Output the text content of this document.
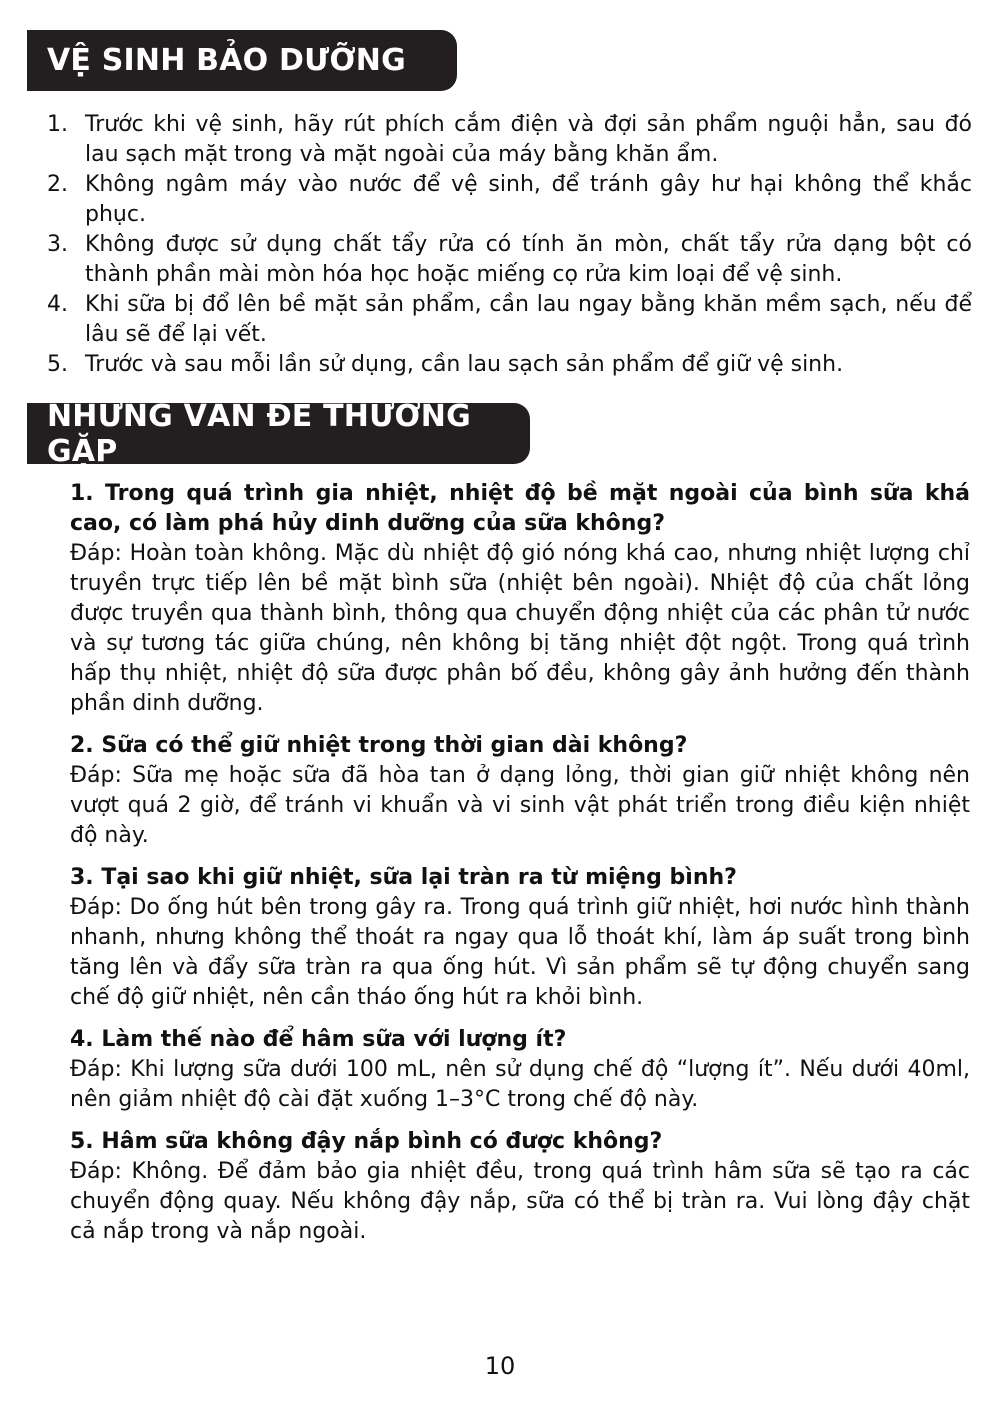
VỆ SINH BẢO DƯỠNG
1. Trước khi vệ sinh, hãy rút phích cắm điện và đợi sản phẩm nguội hẳn, sau đó lau sạch mặt trong và mặt ngoài của máy bằng khăn ẩm.
2. Không ngâm máy vào nước để vệ sinh, để tránh gây hư hại không thể khắc phục.
3. Không được sử dụng chất tẩy rửa có tính ăn mòn, chất tẩy rửa dạng bột có thành phần mài mòn hóa học hoặc miếng cọ rửa kim loại để vệ sinh.
4. Khi sữa bị đổ lên bề mặt sản phẩm, cần lau ngay bằng khăn mềm sạch, nếu để lâu sẽ để lại vết.
5. Trước và sau mỗi lần sử dụng, cần lau sạch sản phẩm để giữ vệ sinh.
NHỮNG VẤN ĐỀ THƯỜNG GẶP
1. Trong quá trình gia nhiệt, nhiệt độ bề mặt ngoài của bình sữa khá cao, có làm phá hủy dinh dưỡng của sữa không?
Đáp: Hoàn toàn không. Mặc dù nhiệt độ gió nóng khá cao, nhưng nhiệt lượng chỉ truyền trực tiếp lên bề mặt bình sữa (nhiệt bên ngoài). Nhiệt độ của chất lỏng được truyền qua thành bình, thông qua chuyển động nhiệt của các phân tử nước và sự tương tác giữa chúng, nên không bị tăng nhiệt đột ngột. Trong quá trình hấp thụ nhiệt, nhiệt độ sữa được phân bố đều, không gây ảnh hưởng đến thành phần dinh dưỡng.
2. Sữa có thể giữ nhiệt trong thời gian dài không?
Đáp: Sữa mẹ hoặc sữa đã hòa tan ở dạng lỏng, thời gian giữ nhiệt không nên vượt quá 2 giờ, để tránh vi khuẩn và vi sinh vật phát triển trong điều kiện nhiệt độ này.
3. Tại sao khi giữ nhiệt, sữa lại tràn ra từ miệng bình?
Đáp: Do ống hút bên trong gây ra. Trong quá trình giữ nhiệt, hơi nước hình thành nhanh, nhưng không thể thoát ra ngay qua lỗ thoát khí, làm áp suất trong bình tăng lên và đẩy sữa tràn ra qua ống hút. Vì sản phẩm sẽ tự động chuyển sang chế độ giữ nhiệt, nên cần tháo ống hút ra khỏi bình.
4. Làm thế nào để hâm sữa với lượng ít?
Đáp: Khi lượng sữa dưới 100 mL, nên sử dụng chế độ “lượng ít”. Nếu dưới 40ml, nên giảm nhiệt độ cài đặt xuống 1–3°C trong chế độ này.
5. Hâm sữa không đậy nắp bình có được không?
Đáp: Không. Để đảm bảo gia nhiệt đều, trong quá trình hâm sữa sẽ tạo ra các chuyển động quay. Nếu không đậy nắp, sữa có thể bị tràn ra. Vui lòng đậy chặt cả nắp trong và nắp ngoài.
10
